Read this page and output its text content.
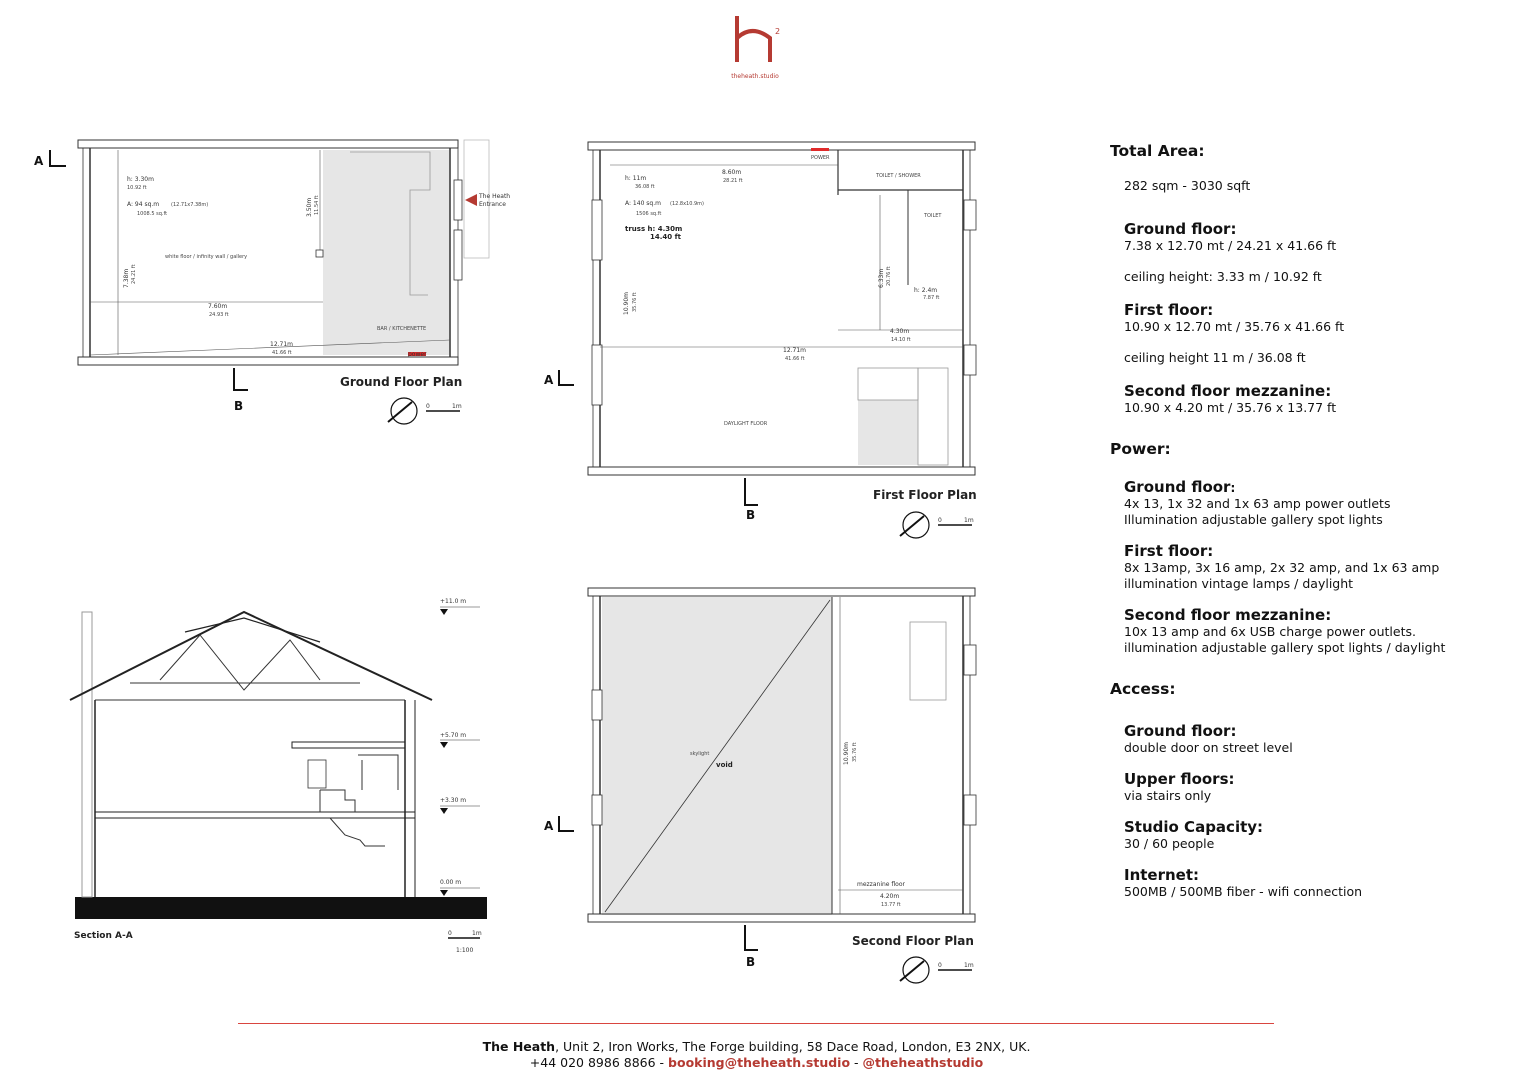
2
theheath.studio
h: 3.30m
10.92 ft
A: 94 sq.m (12.71x7.38m)
1008.5 sq.ft
white floor / infinity wall / gallery
7.60m
24.93 ft
12.71m
41.66 ft
7.38m 24.21 ft
3.50m 11.54 ft
BAR / KITCHENETTE
power
The Heath
Entrance
A
B
Ground Floor Plan
0	1m
POWER
TOILET / SHOWER
TOILET
h: 11m
36.08 ft
A: 140 sq.m (12.8x10.9m)
1506 sq.ft
truss h: 4.30m
14.40 ft
8.60m
28.21 ft
10.90m 35.76 ft
12.71m
41.66 ft
6.33m 20.76 ft
4.30m
14.10 ft
h: 2.4m
7.87 ft
DAYLIGHT FLOOR
A
B
First Floor Plan
0	1m
+11.0 m
+5.70 m
+3.30 m
0.00 m
Section A-A	0	1m
1:100
skylight
void	10.90m 35.76 ft
mezzanine floor
4.20m
13.77 ft
A
B
Second Floor Plan
0	1m

Total Area:

282 sqm - 3030 sqft

Ground floor:

7.38 x 12.70 mt / 24.21 x 41.66 ft

ceiling height: 3.33 m / 10.92 ft

First floor:

10.90 x 12.70 mt / 35.76 x 41.66 ft

ceiling height 11 m / 36.08 ft

Second floor mezzanine:

10.90 x 4.20 mt / 35.76 x 13.77 ft

Power:

Ground floor:

4x 13, 1x 32 and 1x 63 amp power outlets

Illumination adjustable gallery spot lights

First floor:

8x 13amp, 3x 16 amp, 2x 32 amp, and 1x 63 amp

illumination vintage lamps / daylight

Second floor mezzanine:

10x 13 amp and 6x USB charge power outlets.

illumination adjustable gallery spot lights / daylight

Access:

Ground floor:

double door on street level

Upper floors:

via stairs only

Studio Capacity:

30 / 60 people

Internet:

500MB / 500MB fiber - wifi connection

The Heath, Unit 2, Iron Works, The Forge building, 58 Dace Road, London, E3 2NX, UK.
+44 020 8986 8866 - booking@theheath.studio - @theheathstudio
